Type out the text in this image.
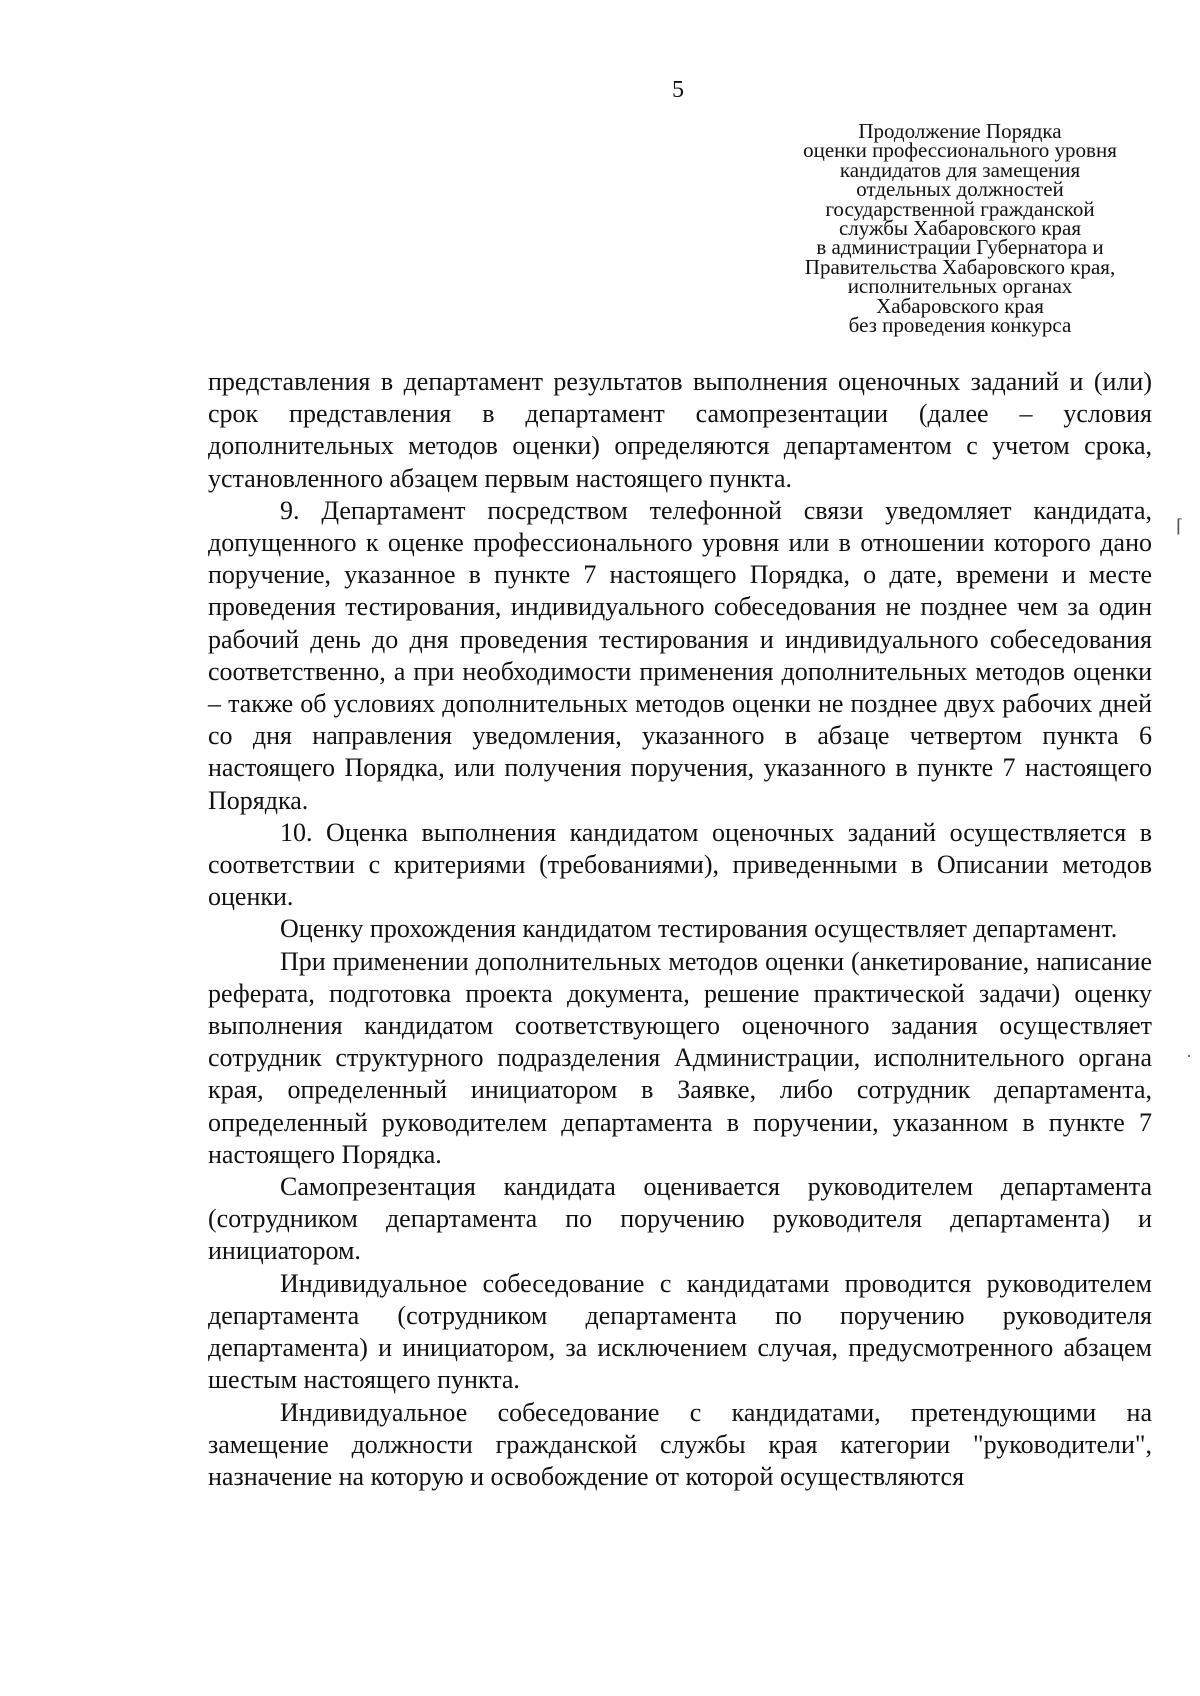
5
Продолжение Порядка
оценки профессионального уровня
кандидатов для замещения
отдельных должностей
государственной гражданской
службы Хабаровского края
в администрации Губернатора и
Правительства Хабаровского края,
исполнительных органах
Хабаровского края
без проведения конкурса

представления в департамент результатов выполнения оценочных заданий и (или) срок представления в департамент самопрезентации (далее – условия дополнительных методов оценки) определяются департаментом с учетом срока, установленного абзацем первым настоящего пункта.

9. Департамент посредством телефонной связи уведомляет кандидата, допущенного к оценке профессионального уровня или в отношении которого дано поручение, указанное в пункте 7 настоящего Порядка, о дате, времени и месте проведения тестирования, индивидуального собеседования не позднее чем за один рабочий день до дня проведения тестирования и индивидуального собеседования соответственно, а при необходимости применения дополнительных методов оценки – также об условиях дополнительных методов оценки не позднее двух рабочих дней со дня направления уведомления, указанного в абзаце четвертом пункта 6 настоящего Порядка, или получения поручения, указанного в пункте 7 настоящего Порядка.

10. Оценка выполнения кандидатом оценочных заданий осуществляется в соответствии с критериями (требованиями), приведенными в Описании методов оценки.

Оценку прохождения кандидатом тестирования осуществляет департамент.

При применении дополнительных методов оценки (анкетирование, написание реферата, подготовка проекта документа, решение практической задачи) оценку выполнения кандидатом соответствующего оценочного задания осуществляет сотрудник структурного подразделения Администрации, исполнительного органа края, определенный инициатором в Заявке, либо сотрудник департамента, определенный руководителем департамента в поручении, указанном в пункте 7 настоящего Порядка.

Самопрезентация кандидата оценивается руководителем департамента (сотрудником департамента по поручению руководителя департамента) и инициатором.

Индивидуальное собеседование с кандидатами проводится руководителем департамента (сотрудником департамента по поручению руководителя департамента) и инициатором, за исключением случая, предусмотренного абзацем шестым настоящего пункта.

Индивидуальное собеседование с кандидатами, претендующими на замещение должности гражданской службы края категории "руководители", назначение на которую и освобождение от которой осуществляются

⌈
·
